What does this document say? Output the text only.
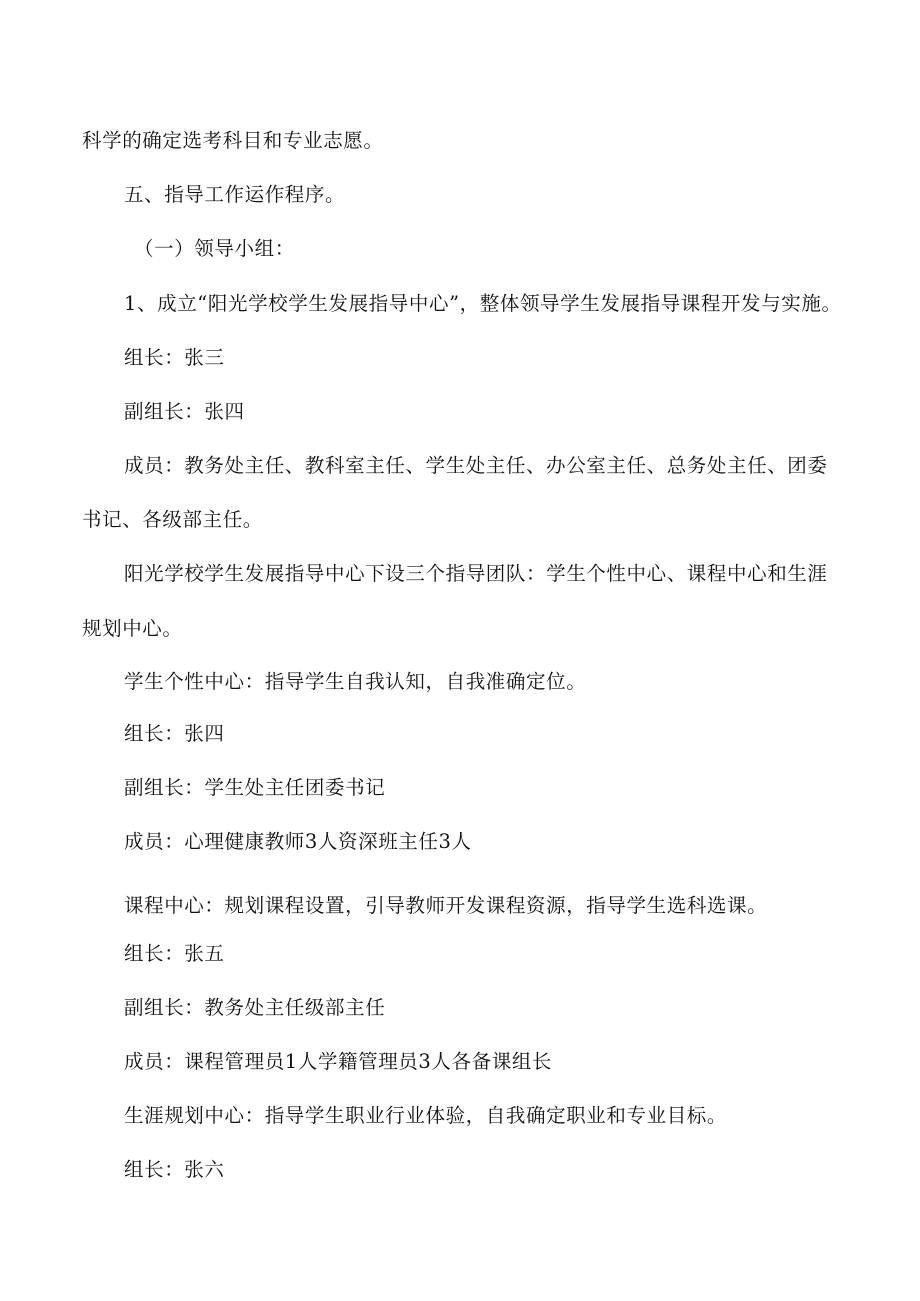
科学的确定选考科目和专业志愿。
五、指导工作运作程序。
（一）领导小组：
1、成立“阳光学校学生发展指导中心”，整体领导学生发展指导课程开发与实施。
组长：张三
副组长：张四
成员：教务处主任、教科室主任、学生处主任、办公室主任、总务处主任、团委
书记、各级部主任。
阳光学校学生发展指导中心下设三个指导团队：学生个性中心、课程中心和生涯
规划中心。
学生个性中心：指导学生自我认知，自我准确定位。
组长：张四
副组长：学生处主任团委书记
成员：心理健康教师3人资深班主任3人
课程中心：规划课程设置，引导教师开发课程资源，指导学生选科选课。
组长：张五
副组长：教务处主任级部主任
成员：课程管理员1人学籍管理员3人各备课组长
生涯规划中心：指导学生职业行业体验，自我确定职业和专业目标。
组长：张六
